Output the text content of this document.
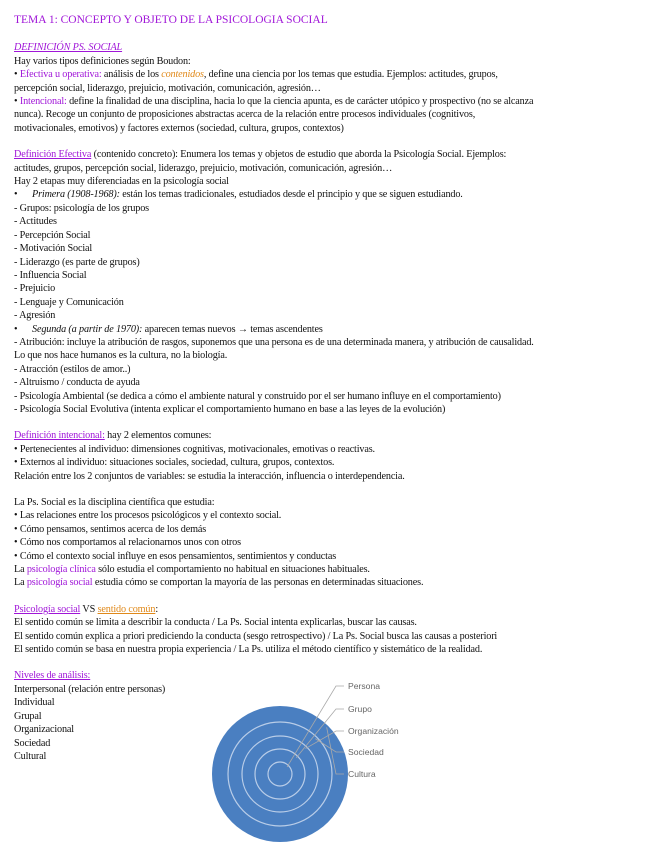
TEMA 1: CONCEPTO Y OBJETO DE LA PSICOLOGIA SOCIAL
DEFINICIÓN PS. SOCIAL
Hay varios tipos definiciones según Boudon:
• Efectiva u operativa: análisis de los contenidos, define una ciencia por los temas que estudia. Ejemplos: actitudes, grupos,
percepción social, liderazgo, prejuicio, motivación, comunicación, agresión…
• Intencional: define la finalidad de una disciplina, hacia lo que la ciencia apunta, es de carácter utópico y prospectivo (no se alcanza
nunca). Recoge un conjunto de proposiciones abstractas acerca de la relación entre procesos individuales (cognitivos,
motivacionales, emotivos) y factores externos (sociedad, cultura, grupos, contextos)
Definición Efectiva (contenido concreto): Enumera los temas y objetos de estudio que aborda la Psicología Social. Ejemplos:
actitudes, grupos, percepción social, liderazgo, prejuicio, motivación, comunicación, agresión…
Hay 2 etapas muy diferenciadas en la psicología social
• Primera (1908-1968): están los temas tradicionales, estudiados desde el principio y que se siguen estudiando.
- Grupos: psicología de los grupos
- Actitudes
- Percepción Social
- Motivación Social
- Liderazgo (es parte de grupos)
- Influencia Social
- Prejuicio
- Lenguaje y Comunicación
- Agresión
• Segunda (a partir de 1970): aparecen temas nuevos → temas ascendentes
- Atribución: incluye la atribución de rasgos, suponemos que una persona es de una determinada manera, y atribución de causalidad.
Lo que nos hace humanos es la cultura, no la biología.
- Atracción (estilos de amor..)
- Altruismo / conducta de ayuda
- Psicología Ambiental (se dedica a cómo el ambiente natural y construido por el ser humano influye en el comportamiento)
- Psicología Social Evolutiva (intenta explicar el comportamiento humano en base a las leyes de la evolución)
Definición intencional: hay 2 elementos comunes:
• Pertenecientes al individuo: dimensiones cognitivas, motivacionales, emotivas o reactivas.
• Externos al individuo: situaciones sociales, sociedad, cultura, grupos, contextos.
Relación entre los 2 conjuntos de variables: se estudia la interacción, influencia o interdependencia.
La Ps. Social es la disciplina científica que estudia:
• Las relaciones entre los procesos psicológicos y el contexto social.
• Cómo pensamos, sentimos acerca de los demás
• Cómo nos comportamos al relacionarnos unos con otros
• Cómo el contexto social influye en esos pensamientos, sentimientos y conductas
La psicología clínica sólo estudia el comportamiento no habitual en situaciones habituales.
La psicología social estudia cómo se comportan la mayoría de las personas en determinadas situaciones.
Psicología social VS sentido común:
El sentido común se limita a describir la conducta / La Ps. Social intenta explicarlas, buscar las causas.
El sentido común explica a priori prediciendo la conducta (sesgo retrospectivo) / La Ps. Social busca las causas a posteriori
El sentido común se basa en nuestra propia experiencia / La Ps. utiliza el método científico y sistemático de la realidad.
Niveles de análisis:
Interpersonal (relación entre personas)
Individual
Grupal
Organizacional
Sociedad
Cultural
Persona
Grupo
Organización
Sociedad
Cultura
